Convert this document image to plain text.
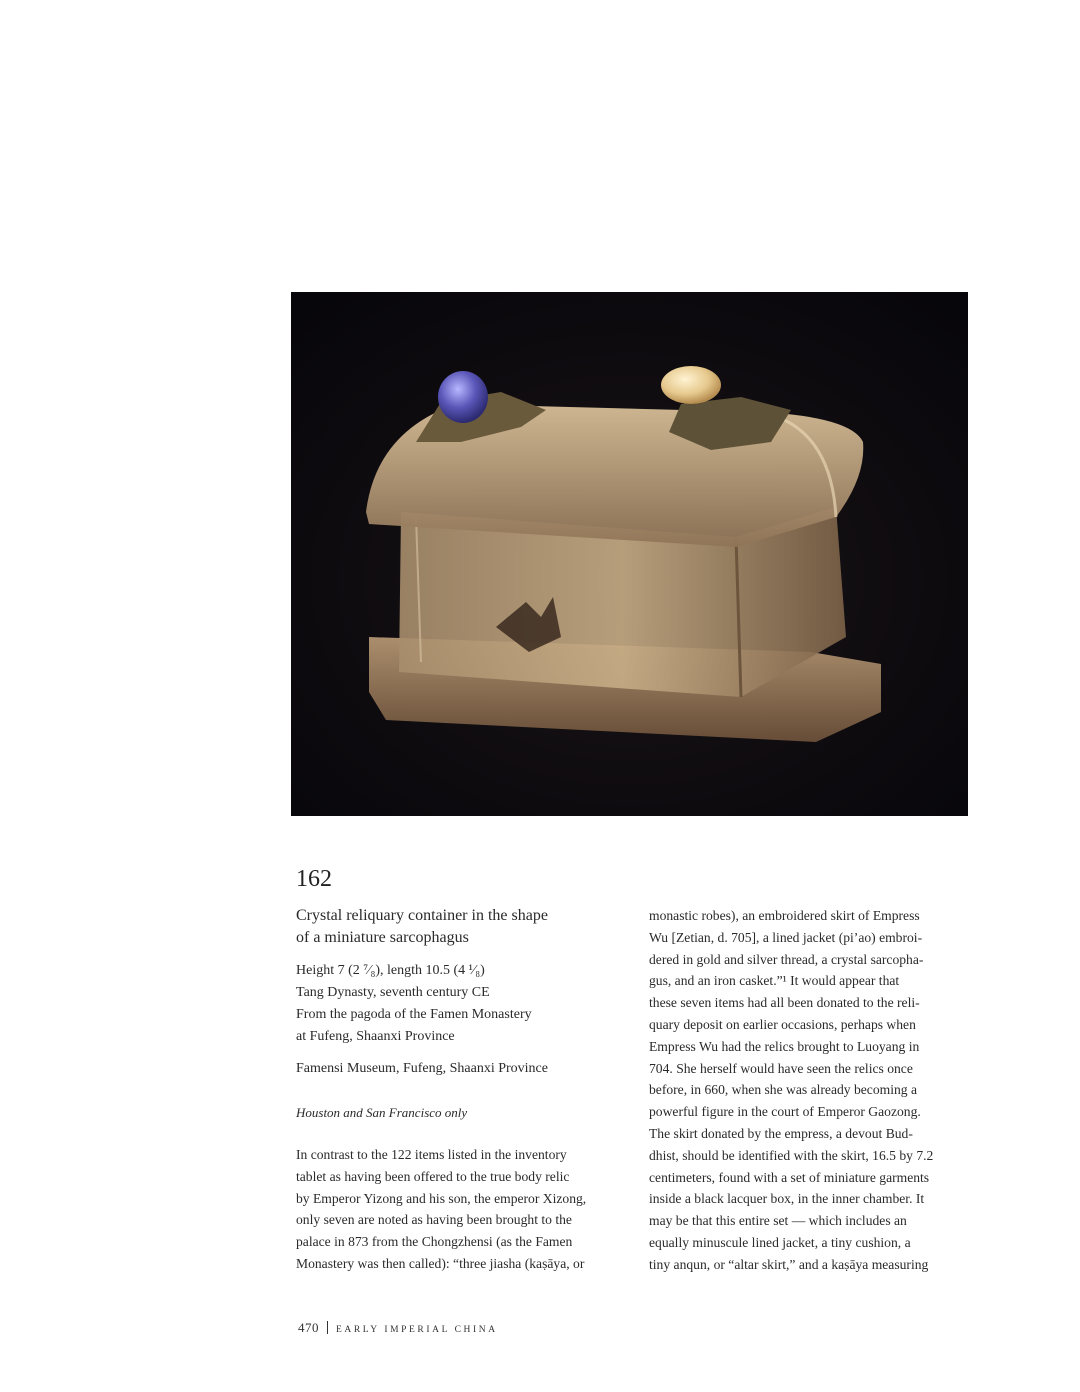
162
Crystal reliquary container in the shape
of a miniature sarcophagus
Height 7 (2 ⁷⁄₈), length 10.5 (4 ¹⁄₈)
Tang Dynasty, seventh century CE
From the pagoda of the Famen Monastery
at Fufeng, Shaanxi Province
Famensi Museum, Fufeng, Shaanxi Province
Houston and San Francisco only
In contrast to the 122 items listed in the inventory
tablet as having been offered to the true body relic
by Emperor Yizong and his son, the emperor Xizong,
only seven are noted as having been brought to the
palace in 873 from the Chongzhensi (as the Famen
Monastery was then called): “three jiasha (kaṣāya, or
monastic robes), an embroidered skirt of Empress
Wu [Zetian, d. 705], a lined jacket (pi’ao) embroi-
dered in gold and silver thread, a crystal sarcopha-
gus, and an iron casket.”¹ It would appear that
these seven items had all been donated to the reli-
quary deposit on earlier occasions, perhaps when
Empress Wu had the relics brought to Luoyang in
704. She herself would have seen the relics once
before, in 660, when she was already becoming a
powerful figure in the court of Emperor Gaozong.
The skirt donated by the empress, a devout Bud-
dhist, should be identified with the skirt, 16.5 by 7.2
centimeters, found with a set of miniature garments
inside a black lacquer box, in the inner chamber. It
may be that this entire set — which includes an
equally minuscule lined jacket, a tiny cushion, a
tiny anqun, or “altar skirt,” and a kaṣāya measuring
470 EARLY IMPERIAL CHINA
